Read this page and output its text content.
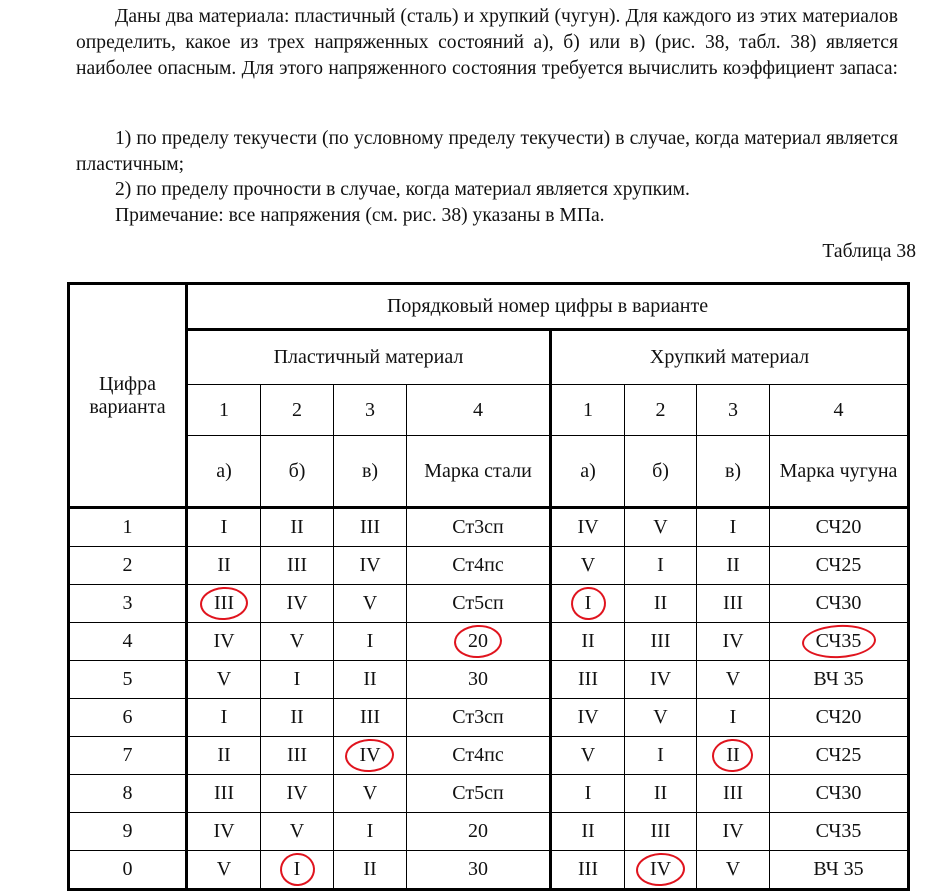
Даны два материала: пластичный (сталь) и хрупкий (чугун). Для каждого из этих материалов определить, какое из трех напряженных состояний а), б) или в) (рис. 38, табл. 38) является наиболее опасным. Для этого напряженного состояния требуется вычислить коэффициент запаса:

1) по пределу текучести (по условному пределу текучести) в случае, когда материал является пластичным;

2) по пределу прочности в случае, когда материал является хрупким.

Примечание: все напряжения (см. рис. 38) указаны в МПа.

Таблица 38
Цифра варианта	Порядковый номер цифры в варианте							
	Пластичный материал				Хрупкий материал			
	1	2	3	4	1	2	3	4
	а)	б)	в)	Марка стали	а)	б)	в)	Марка чугуна
1	I	II	III	Ст3сп	IV	V	I	СЧ20
2	II	III	IV	Ст4пс	V	I	II	СЧ25
3	III	IV	V	Ст5сп	I	II	III	СЧ30
4	IV	V	I	20	II	III	IV	СЧ35
5	V	I	II	30	III	IV	V	ВЧ 35
6	I	II	III	Ст3сп	IV	V	I	СЧ20
7	II	III	IV	Ст4пс	V	I	II	СЧ25
8	III	IV	V	Ст5сп	I	II	III	СЧ30
9	IV	V	I	20	II	III	IV	СЧ35
0	V	I	II	30	III	IV	V	ВЧ 35
